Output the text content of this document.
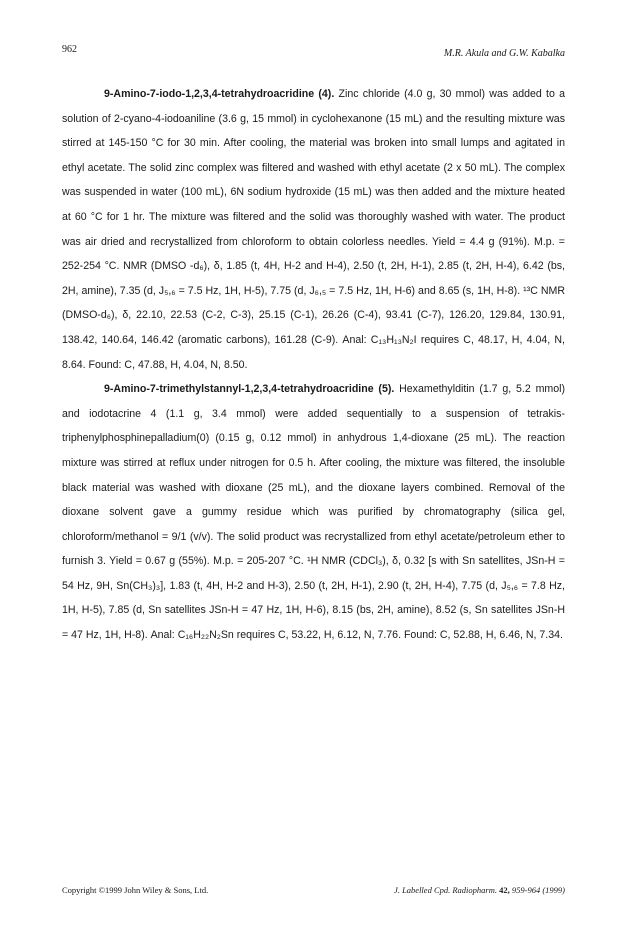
962	M.R. Akula and G.W. Kabalka

9-Amino-7-iodo-1,2,3,4-tetrahydroacridine (4). Zinc chloride (4.0 g, 30 mmol) was added to a solution of 2-cyano-4-iodoaniline (3.6 g, 15 mmol) in cyclohexanone (15 mL) and the resulting mixture was stirred at 145-150 °C for 30 min. After cooling, the material was broken into small lumps and agitated in ethyl acetate. The solid zinc complex was filtered and washed with ethyl acetate (2 x 50 mL). The complex was suspended in water (100 mL), 6N sodium hydroxide (15 mL) was then added and the mixture heated at 60 °C for 1 hr. The mixture was filtered and the solid was thoroughly washed with water. The product was air dried and recrystallized from chloroform to obtain colorless needles. Yield = 4.4 g (91%). M.p. = 252-254 °C. NMR (DMSO -d₆), δ, 1.85 (t, 4H, H-2 and H-4), 2.50 (t, 2H, H-1), 2.85 (t, 2H, H-4), 6.42 (bs, 2H, amine), 7.35 (d, J₅,₆ = 7.5 Hz, 1H, H-5), 7.75 (d, J₆,₅ = 7.5 Hz, 1H, H-6) and 8.65 (s, 1H, H-8). ¹³C NMR (DMSO-d₆), δ, 22.10, 22.53 (C-2, C-3), 25.15 (C-1), 26.26 (C-4), 93.41 (C-7), 126.20, 129.84, 130.91, 138.42, 140.64, 146.42 (aromatic carbons), 161.28 (C-9). Anal: C₁₃H₁₃N₂I requires C, 48.17, H, 4.04, N, 8.64. Found: C, 47.88, H, 4.04, N, 8.50.

9-Amino-7-trimethylstannyl-1,2,3,4-tetrahydroacridine (5). Hexamethylditin (1.7 g, 5.2 mmol) and iodotacrine 4 (1.1 g, 3.4 mmol) were added sequentially to a suspension of tetrakis-triphenylphosphinepalladium(0) (0.15 g, 0.12 mmol) in anhydrous 1,4-dioxane (25 mL). The reaction mixture was stirred at reflux under nitrogen for 0.5 h. After cooling, the mixture was filtered, the insoluble black material was washed with dioxane (25 mL), and the dioxane layers combined. Removal of the dioxane solvent gave a gummy residue which was purified by chromatography (silica gel, chloroform/methanol = 9/1 (v/v). The solid product was recrystallized from ethyl acetate/petroleum ether to furnish 3. Yield = 0.67 g (55%). M.p. = 205-207 °C. ¹H NMR (CDCl₃), δ, 0.32 [s with Sn satellites, JSn-H = 54 Hz, 9H, Sn(CH₃)₃], 1.83 (t, 4H, H-2 and H-3), 2.50 (t, 2H, H-1), 2.90 (t, 2H, H-4), 7.75 (d, J₅,₆ = 7.8 Hz, 1H, H-5), 7.85 (d, Sn satellites JSn-H = 47 Hz, 1H, H-6), 8.15 (bs, 2H, amine), 8.52 (s, Sn satellites JSn-H = 47 Hz, 1H, H-8). Anal: C₁₆H₂₂N₂Sn requires C, 53.22, H, 6.12, N, 7.76. Found: C, 52.88, H, 6.46, N, 7.34.

Copyright ©1999 John Wiley & Sons, Ltd.	J. Labelled Cpd. Radiopharm. 42, 959-964 (1999)
